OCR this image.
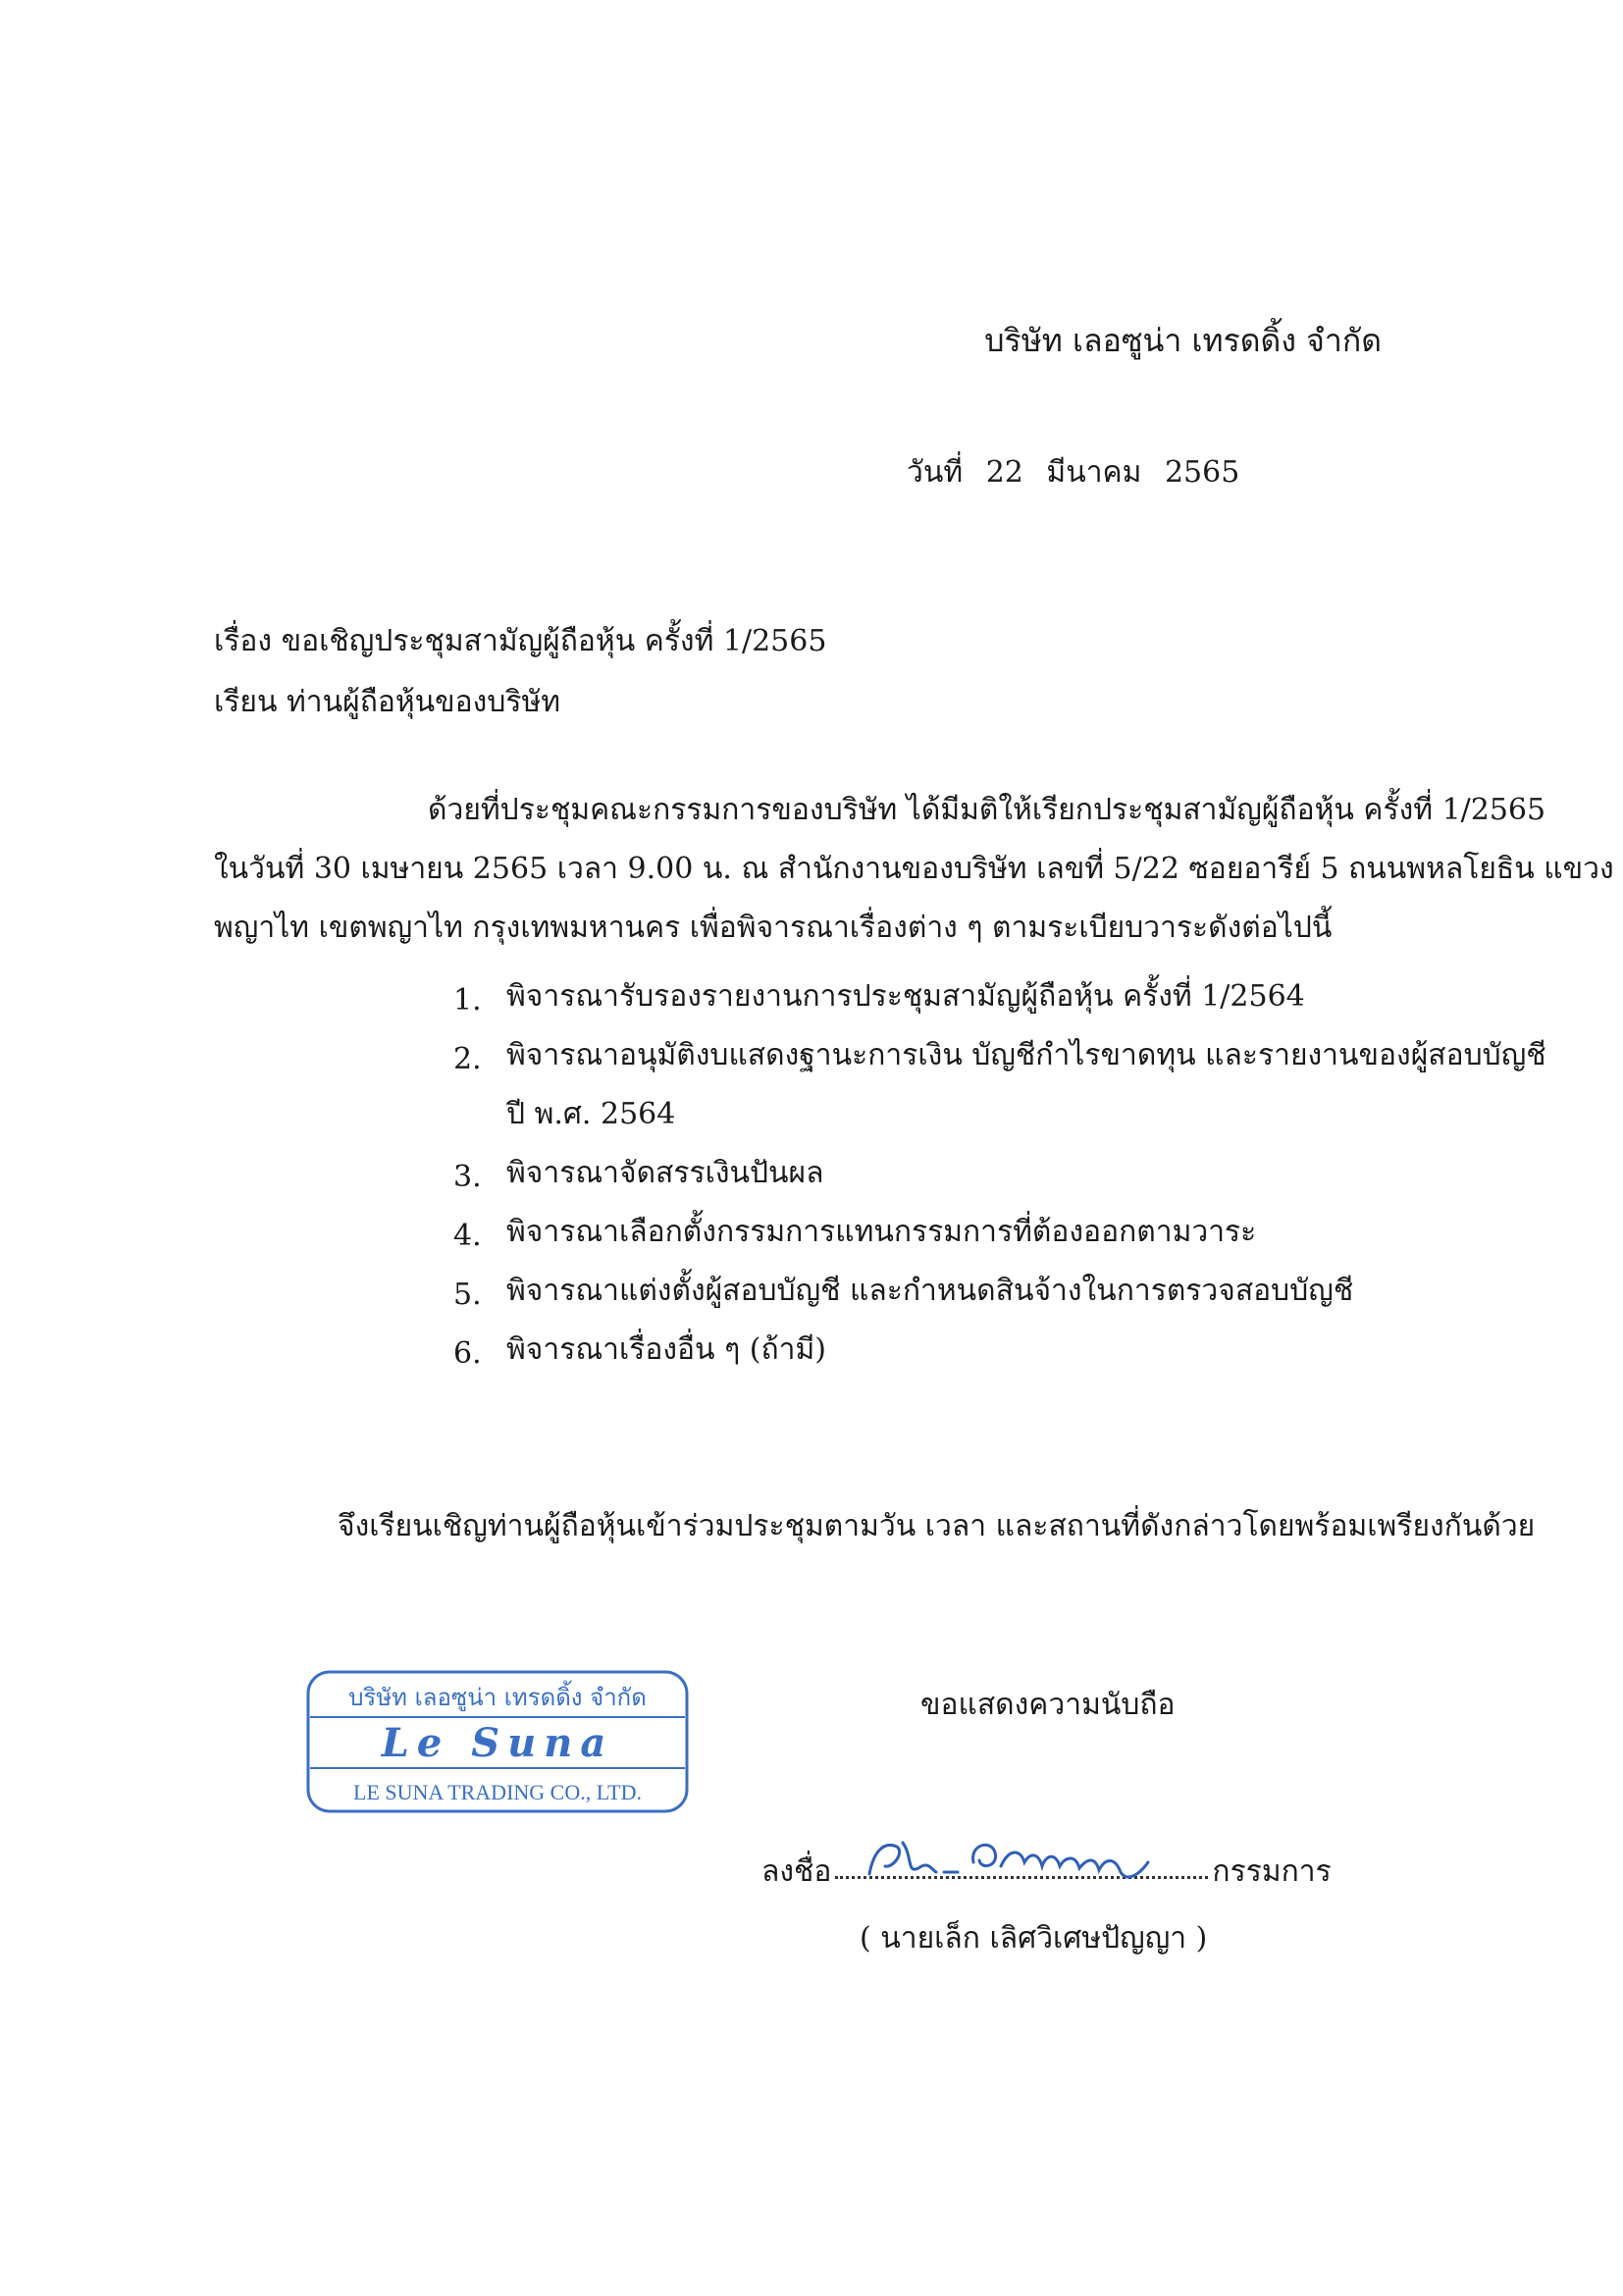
บริษัท เลอซูน่า เทรดดิ้ง จำกัด
วันที่ 22 มีนาคม 2565
เรื่อง ขอเชิญประชุมสามัญผู้ถือหุ้น ครั้งที่ 1/2565
เรียน ท่านผู้ถือหุ้นของบริษัท
ด้วยที่ประชุมคณะกรรมการของบริษัท ได้มีมติให้เรียกประชุมสามัญผู้ถือหุ้น ครั้งที่ 1/2565
ในวันที่ 30 เมษายน 2565 เวลา 9.00 น. ณ สำนักงานของบริษัท เลขที่ 5/22 ซอยอารีย์ 5 ถนนพหลโยธิน แขวง
พญาไท เขตพญาไท กรุงเทพมหานคร เพื่อพิจารณาเรื่องต่าง ๆ ตามระเบียบวาระดังต่อไปนี้
1. พิจารณารับรองรายงานการประชุมสามัญผู้ถือหุ้น ครั้งที่ 1/2564
2. พิจารณาอนุมัติงบแสดงฐานะการเงิน บัญชีกำไรขาดทุน และรายงานของผู้สอบบัญชี
ปี พ.ศ. 2564
3. พิจารณาจัดสรรเงินปันผล
4. พิจารณาเลือกตั้งกรรมการแทนกรรมการที่ต้องออกตามวาระ
5. พิจารณาแต่งตั้งผู้สอบบัญชี และกำหนดสินจ้างในการตรวจสอบบัญชี
6. พิจารณาเรื่องอื่น ๆ (ถ้ามี)
จึงเรียนเชิญท่านผู้ถือหุ้นเข้าร่วมประชุมตามวัน เวลา และสถานที่ดังกล่าวโดยพร้อมเพรียงกันด้วย
ขอแสดงความนับถือ
บริษัท เลอซูน่า เทรดดิ้ง จำกัด
Le Suna
LE SUNA TRADING CO., LTD.
ลงชื่อ	กรรมการ
( นายเล็ก เลิศวิเศษปัญญา )
